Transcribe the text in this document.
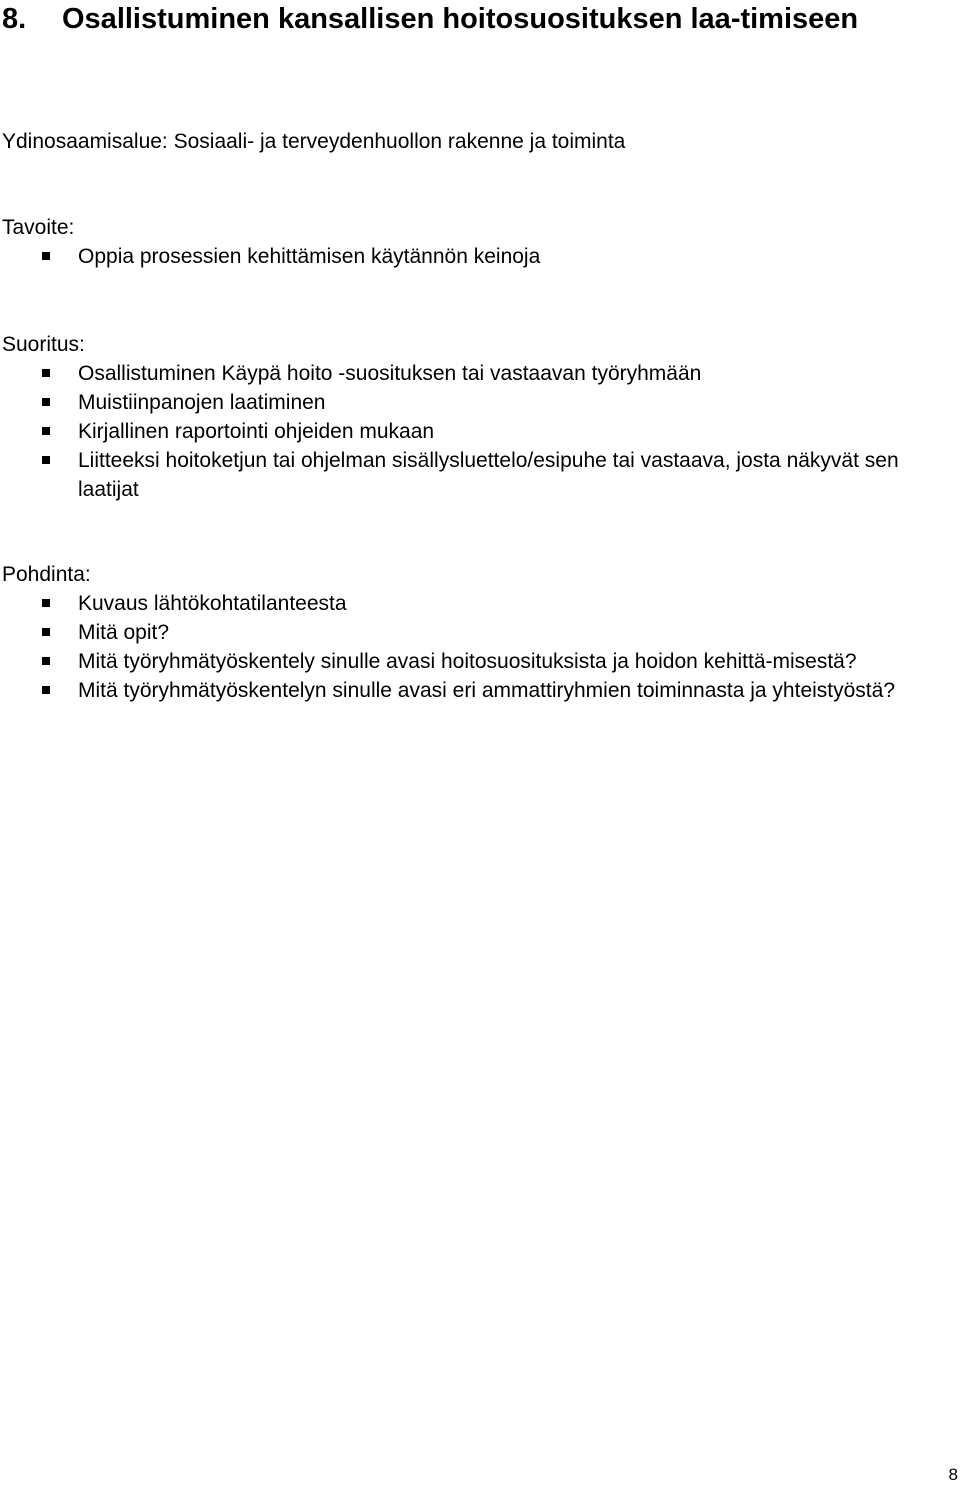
8.	Osallistuminen kansallisen hoitosuosituksen laa-timiseen

Ydinosaamisalue: Sosiaali- ja terveydenhuollon rakenne ja toiminta

Tavoite:

Oppia prosessien kehittämisen käytännön keinoja

Suoritus:

Osallistuminen Käypä hoito -suosituksen tai vastaavan työryhmään
Muistiinpanojen laatiminen
Kirjallinen raportointi ohjeiden mukaan
Liitteeksi hoitoketjun tai ohjelman sisällysluettelo/esipuhe tai vastaava, josta näkyvät sen laatijat

Pohdinta:

Kuvaus lähtökohtatilanteesta
Mitä opit?
Mitä työryhmätyöskentely sinulle avasi hoitosuosituksista ja hoidon kehittä-misestä?
Mitä työryhmätyöskentelyn sinulle avasi eri ammattiryhmien toiminnasta ja yhteistyöstä?
8
